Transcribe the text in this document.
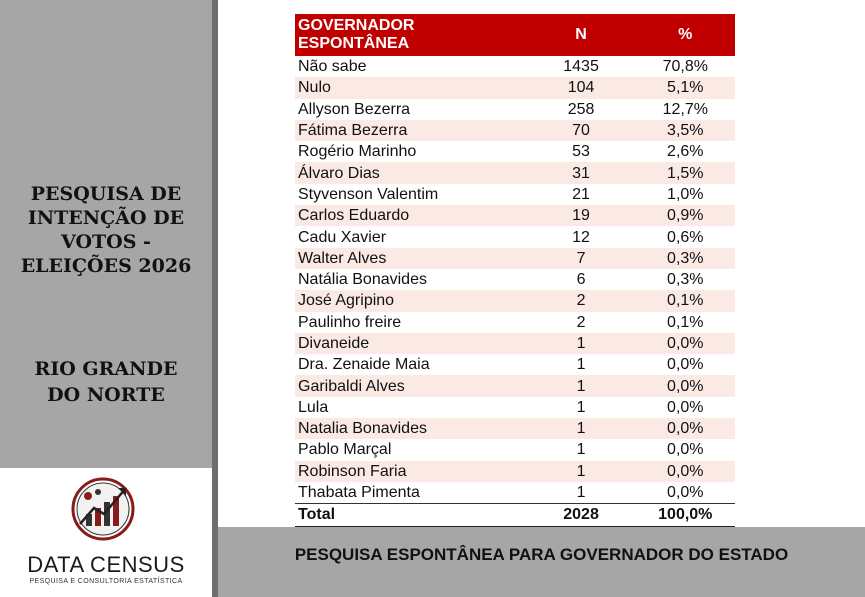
PESQUISA DE
INTENÇÃO DE
VOTOS -
ELEIÇÕES 2026
RIO GRANDE
DO NORTE
DATA CENSUS
PESQUISA E CONSULTORIA ESTATÍSTICA
GOVERNADOR ESPONTÂNEA	N	%
Não sabe	1435	70,8%
Nulo	104	5,1%
Allyson Bezerra	258	12,7%
Fátima Bezerra	70	3,5%
Rogério Marinho	53	2,6%
Álvaro Dias	31	1,5%
Styvenson Valentim	21	1,0%
Carlos Eduardo	19	0,9%
Cadu Xavier	12	0,6%
Walter Alves	7	0,3%
Natália Bonavides	6	0,3%
José Agripino	2	0,1%
Paulinho freire	2	0,1%
Divaneide	1	0,0%
Dra. Zenaide Maia	1	0,0%
Garibaldi Alves	1	0,0%
Lula	1	0,0%
Natalia Bonavides	1	0,0%
Pablo Marçal	1	0,0%
Robinson Faria	1	0,0%
Thabata Pimenta	1	0,0%
Total	2028	100,0%
PESQUISA ESPONTÂNEA PARA GOVERNADOR DO ESTADO
